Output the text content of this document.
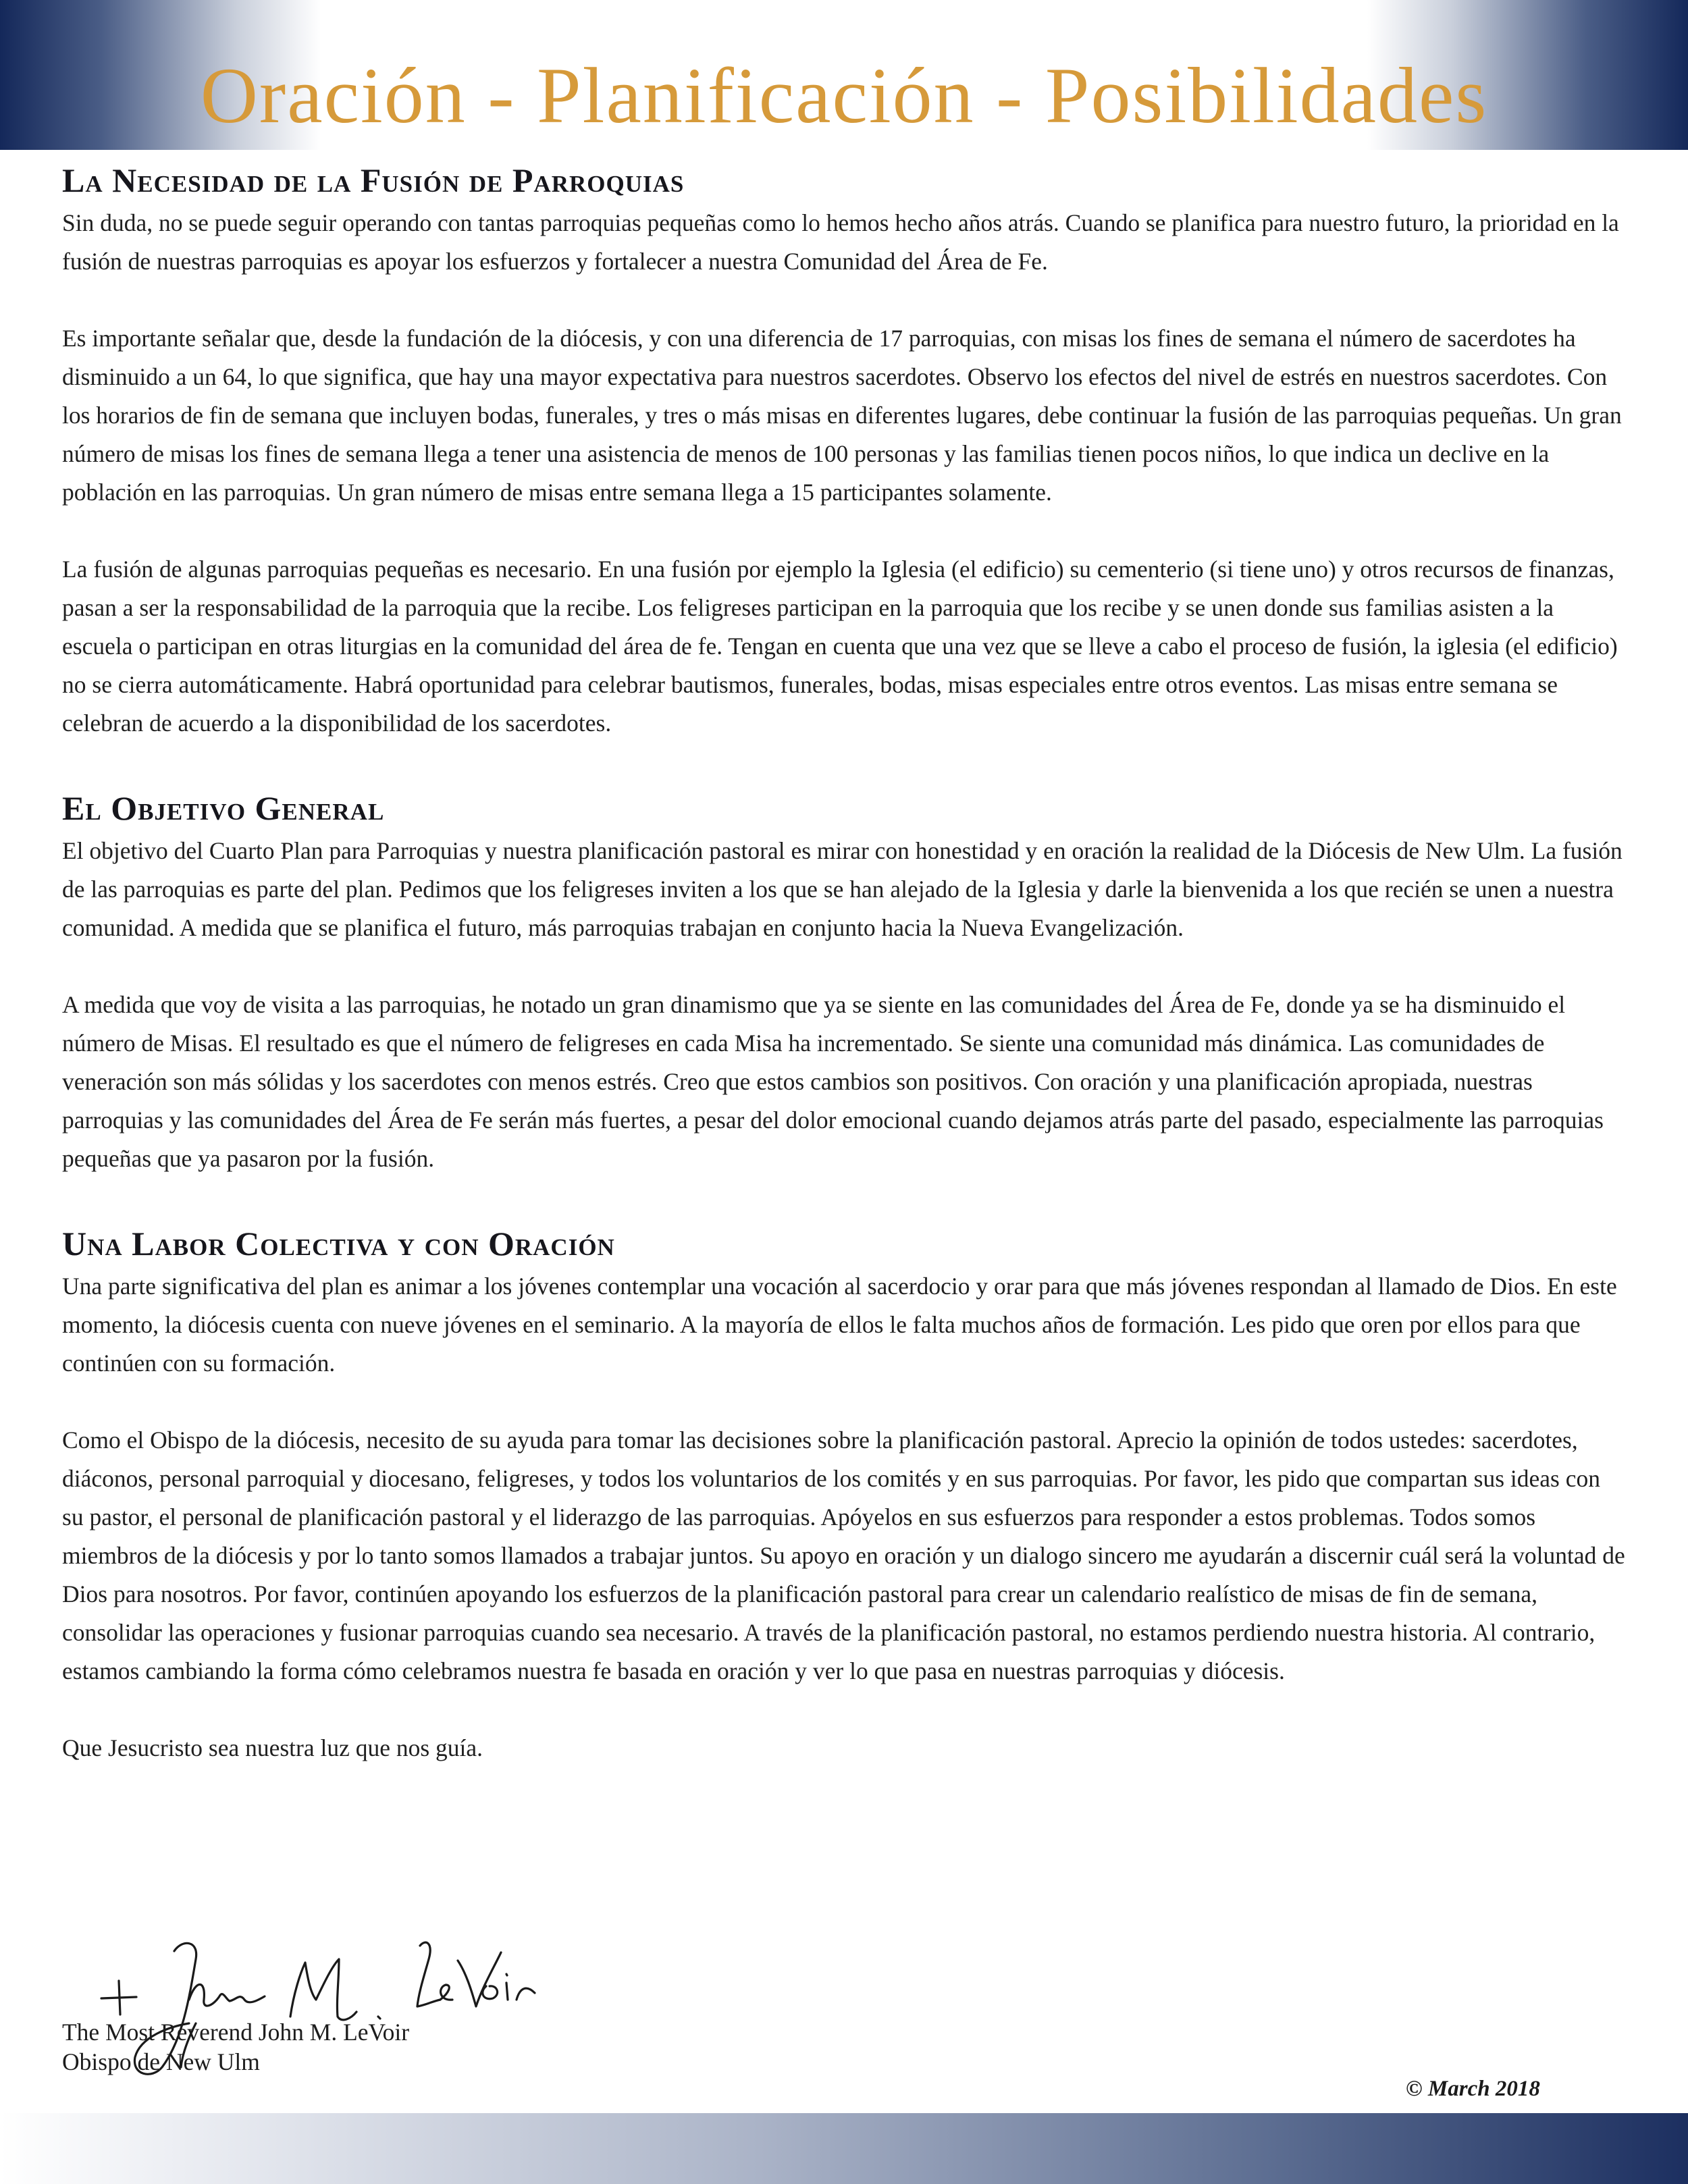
Oración - Planificación - Posibilidades
La Necesidad de la Fusión de Parroquias

Sin duda, no se puede seguir operando con tantas parroquias pequeñas como lo hemos hecho años atrás. Cuando se planifica para nuestro futuro, la prioridad en la fusión de nuestras parroquias es apoyar los esfuerzos y fortalecer a nuestra Comunidad del Área de Fe.

Es importante señalar que, desde la fundación de la diócesis, y con una diferencia de 17 parroquias, con misas los fines de semana el número de sacerdotes ha disminuido a un 64, lo que significa, que hay una mayor expectativa para nuestros sacerdotes. Observo los efectos del nivel de estrés en nuestros sacerdotes. Con los horarios de fin de semana que incluyen bodas, funerales, y tres o más misas en diferentes lugares, debe continuar la fusión de las parroquias pequeñas. Un gran número de misas los fines de semana llega a tener una asistencia de menos de 100 personas y las familias tienen pocos niños, lo que indica un declive en la población en las parroquias. Un gran número de misas entre semana llega a 15 participantes solamente.

La fusión de algunas parroquias pequeñas es necesario. En una fusión por ejemplo la Iglesia (el edificio) su cementerio (si tiene uno) y otros recursos de finanzas, pasan a ser la responsabilidad de la parroquia que la recibe. Los feligreses participan en la parroquia que los recibe y se unen donde sus familias asisten a la escuela o participan en otras liturgias en la comunidad del área de fe. Tengan en cuenta que una vez que se lleve a cabo el proceso de fusión, la iglesia (el edificio) no se cierra automáticamente. Habrá oportunidad para celebrar bautismos, funerales, bodas, misas especiales entre otros eventos. Las misas entre semana se celebran de acuerdo a la disponibilidad de los sacerdotes.

El Objetivo General

El objetivo del Cuarto Plan para Parroquias y nuestra planificación pastoral es mirar con honestidad y en oración la realidad de la Diócesis de New Ulm. La fusión de las parroquias es parte del plan. Pedimos que los feligreses inviten a los que se han alejado de la Iglesia y darle la bienvenida a los que recién se unen a nuestra comunidad. A medida que se planifica el futuro, más parroquias trabajan en conjunto hacia la Nueva Evangelización.

A medida que voy de visita a las parroquias, he notado un gran dinamismo que ya se siente en las comunidades del Área de Fe, donde ya se ha disminuido el número de Misas. El resultado es que el número de feligreses en cada Misa ha incrementado. Se siente una comunidad más dinámica. Las comunidades de veneración son más sólidas y los sacerdotes con menos estrés. Creo que estos cambios son positivos. Con oración y una planificación apropiada, nuestras parroquias y las comunidades del Área de Fe serán más fuertes, a pesar del dolor emocional cuando dejamos atrás parte del pasado, especialmente las parroquias pequeñas que ya pasaron por la fusión.

Una Labor Colectiva y con Oración

Una parte significativa del plan es animar a los jóvenes contemplar una vocación al sacerdocio y orar para que más jóvenes respondan al llamado de Dios. En este momento, la diócesis cuenta con nueve jóvenes en el seminario. A la mayoría de ellos le falta muchos años de formación. Les pido que oren por ellos para que continúen con su formación.

Como el Obispo de la diócesis, necesito de su ayuda para tomar las decisiones sobre la planificación pastoral. Aprecio la opinión de todos ustedes: sacerdotes, diáconos, personal parroquial y diocesano, feligreses, y todos los voluntarios de los comités y en sus parroquias. Por favor, les pido que compartan sus ideas con su pastor, el personal de planificación pastoral y el liderazgo de las parroquias. Apóyelos en sus esfuerzos para responder a estos problemas. Todos somos miembros de la diócesis y por lo tanto somos llamados a trabajar juntos. Su apoyo en oración y un dialogo sincero me ayudarán a discernir cuál será la voluntad de Dios para nosotros. Por favor, continúen apoyando los esfuerzos de la planificación pastoral para crear un calendario realístico de misas de fin de semana, consolidar las operaciones y fusionar parroquias cuando sea necesario. A través de la planificación pastoral, no estamos perdiendo nuestra historia. Al contrario, estamos cambiando la forma cómo celebramos nuestra fe basada en oración y ver lo que pasa en nuestras parroquias y diócesis.

Que Jesucristo sea nuestra luz que nos guía.

The Most Reverend John M. LeVoir
Obispo de New Ulm
© March 2018
